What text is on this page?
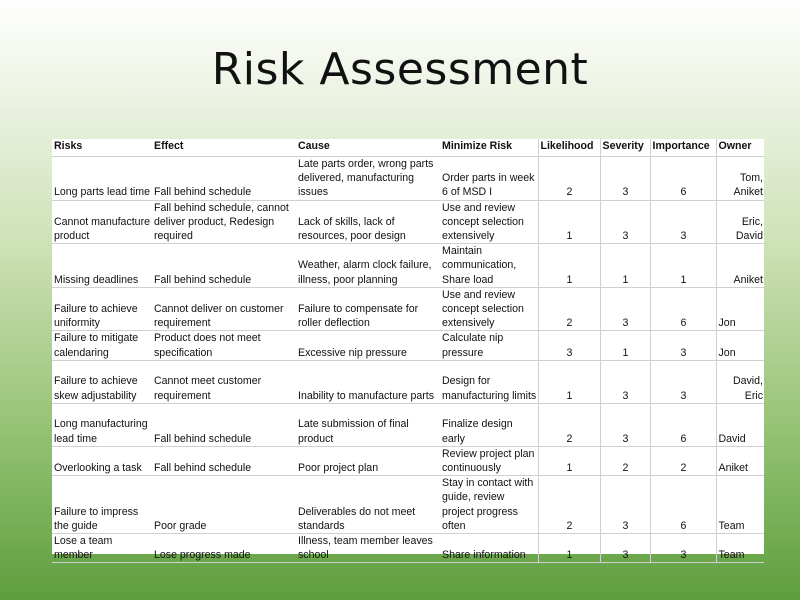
Risk Assessment
Risks	Effect	Cause	Minimize Risk	Likelihood	Severity	Importance	Owner
Long parts lead time	Fall behind schedule	Late parts order, wrong parts delivered, manufacturing issues	Order parts in week 6 of MSD I	2	3	6	Tom, Aniket
Cannot manufacture product	Fall behind schedule, cannot deliver product, Redesign required	Lack of skills, lack of resources, poor design	Use and review concept selection extensively	1	3	3	Eric, David
Missing deadlines	Fall behind schedule	Weather, alarm clock failure, illness, poor planning	Maintain communication, Share load	1	1	1	Aniket
Failure to achieve uniformity	Cannot deliver on customer requirement	Failure to compensate for roller deflection	Use and review concept selection extensively	2	3	6	Jon
Failure to mitigate calendaring	Product does not meet specification	Excessive nip pressure	Calculate nip pressure	3	1	3	Jon
Failure to achieve skew adjustability	Cannot meet customer requirement	Inability to manufacture parts	Design for manufacturing limits	1	3	3	David, Eric
Long manufacturing lead time	Fall behind schedule	Late submission of final product	Finalize design early	2	3	6	David
Overlooking a task	Fall behind schedule	Poor project plan	Review project plan continuously	1	2	2	Aniket
Failure to impress the guide	Poor grade	Deliverables do not meet standards	Stay in contact with guide, review project progress often	2	3	6	Team
Lose a team member	Lose progress made	Illness, team member leaves school	Share information	1	3	3	Team
